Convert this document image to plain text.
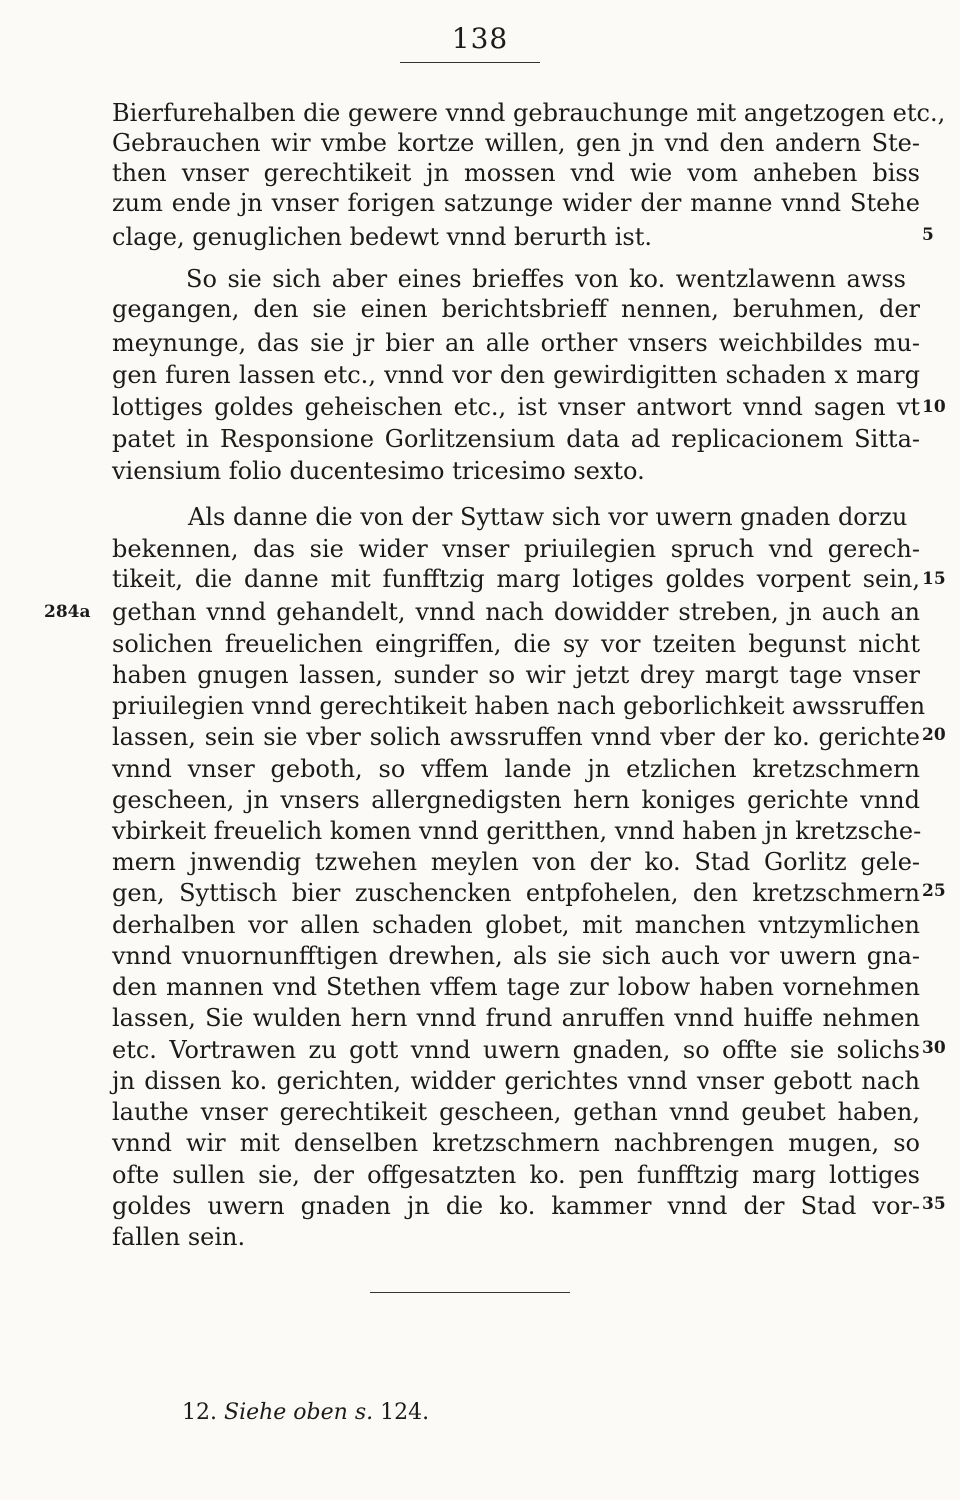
138
Bierfurehalben die gewere vnnd gebrauchunge mit angetzogen etc.,
Gebrauchen wir vmbe kortze willen, gen jn vnd den andern Ste-
then vnser gerechtikeit jn mossen vnd wie vom anheben biss
zum ende jn vnser forigen satzunge wider der manne vnnd Stehe
clage, genuglichen bedewt vnnd berurth ist.	5
So sie sich aber eines brieffes von ko. wentzlawenn awss
gegangen, den sie einen berichtsbrieff nennen, beruhmen, der
meynunge, das sie jr bier an alle orther vnsers weichbildes mu-
gen furen lassen etc., vnnd vor den gewirdigitten schaden x marg
lottiges goldes geheischen etc., ist vnser antwort vnnd sagen vt 10
patet in Responsione Gorlitzensium data ad replicacionem Sitta-
viensium folio ducentesimo tricesimo sexto.
Als danne die von der Syttaw sich vor uwern gnaden dorzu
bekennen, das sie wider vnser priuilegien spruch vnd gerech-
tikeit, die danne mit funfftzig marg lotiges goldes vorpent sein, 15
284a gethan vnnd gehandelt, vnnd nach dowidder streben, jn auch an
solichen freuelichen eingriffen, die sy vor tzeiten begunst nicht
haben gnugen lassen, sunder so wir jetzt drey margt tage vnser
priuilegien vnnd gerechtikeit haben nach geborlichkeit awssruffen
lassen, sein sie vber solich awssruffen vnnd vber der ko. gerichte 20
vnnd vnser geboth, so vffem lande jn etzlichen kretzschmern
gescheen, jn vnsers allergnedigsten hern koniges gerichte vnnd
vbirkeit freuelich komen vnnd geritthen, vnnd haben jn kretzsche-
mern jnwendig tzwehen meylen von der ko. Stad Gorlitz gele-
gen, Syttisch bier zuschencken entpfohelen, den kretzschmern 25
derhalben vor allen schaden globet, mit manchen vntzymlichen
vnnd vnuornunfftigen drewhen, als sie sich auch vor uwern gna-
den mannen vnd Stethen vffem tage zur lobow haben vornehmen
lassen, Sie wulden hern vnnd frund anruffen vnnd huiffe nehmen
etc. Vortrawen zu gott vnnd uwern gnaden, so offte sie solichs 30
jn dissen ko. gerichten, widder gerichtes vnnd vnser gebott nach
lauthe vnser gerechtikeit gescheen, gethan vnnd geubet haben,
vnnd wir mit denselben kretzschmern nachbrengen mugen, so
ofte sullen sie, der offgesatzten ko. pen funfftzig marg lottiges
goldes uwern gnaden jn die ko. kammer vnnd der Stad vor- 35
fallen sein.
12. Siehe oben s. 124.
